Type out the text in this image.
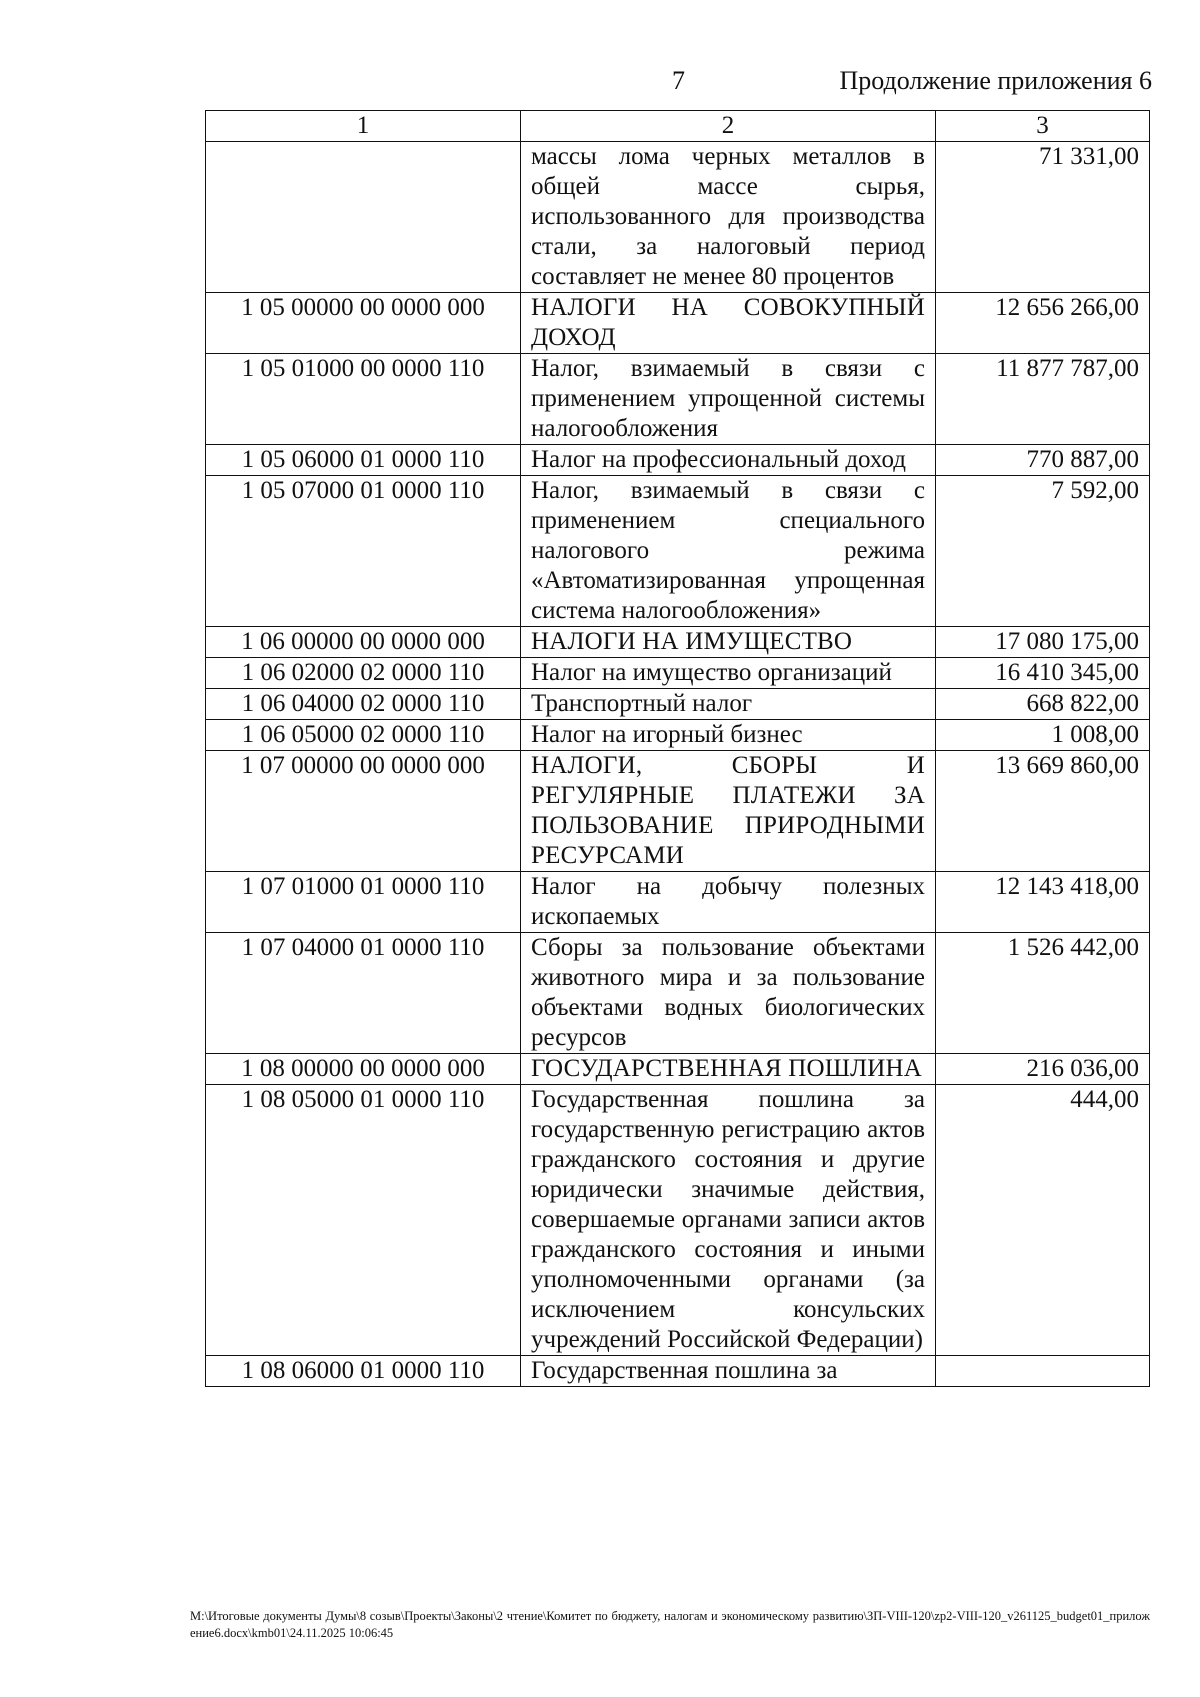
7	Продолжение приложения 6
1	2	3
	массы лома черных металлов в общей массе сырья, использованного для производства стали, за налоговый период составляет не менее 80 процентов	71 331,00
1 05 00000 00 0000 000	НАЛОГИ НА СОВОКУПНЫЙ ДОХОД	12 656 266,00
1 05 01000 00 0000 110	Налог, взимаемый в связи с применением упрощенной системы налогообложения	11 877 787,00
1 05 06000 01 0000 110	Налог на профессиональный доход	770 887,00
1 05 07000 01 0000 110	Налог, взимаемый в связи с применением специального налогового режима «Автоматизированная упрощенная система налогообложения»	7 592,00
1 06 00000 00 0000 000	НАЛОГИ НА ИМУЩЕСТВО	17 080 175,00
1 06 02000 02 0000 110	Налог на имущество организаций	16 410 345,00
1 06 04000 02 0000 110	Транспортный налог	668 822,00
1 06 05000 02 0000 110	Налог на игорный бизнес	1 008,00
1 07 00000 00 0000 000	НАЛОГИ, СБОРЫ И РЕГУЛЯРНЫЕ ПЛАТЕЖИ ЗА ПОЛЬЗОВАНИЕ ПРИРОДНЫМИ РЕСУРСАМИ	13 669 860,00
1 07 01000 01 0000 110	Налог на добычу полезных ископаемых	12 143 418,00
1 07 04000 01 0000 110	Сборы за пользование объектами животного мира и за пользование объектами водных биологических ресурсов	1 526 442,00
1 08 00000 00 0000 000	ГОСУДАРСТВЕННАЯ ПОШЛИНА	216 036,00
1 08 05000 01 0000 110	Государственная пошлина за государственную регистрацию актов гражданского состояния и другие юридически значимые действия, совершаемые органами записи актов гражданского состояния и иными уполномоченными органами (за исключением консульских учреждений Российской Федерации)	444,00
1 08 06000 01 0000 110	Государственная пошлина за	
M:\Итоговые документы Думы\8 созыв\Проекты\Законы\2 чтение\Комитет по бюджету, налогам и экономическому развитию\ЗП-VIII-120\zp2-VIII-120_v261125_budget01_приложение6.docx\kmb01\24.11.2025 10:06:45
